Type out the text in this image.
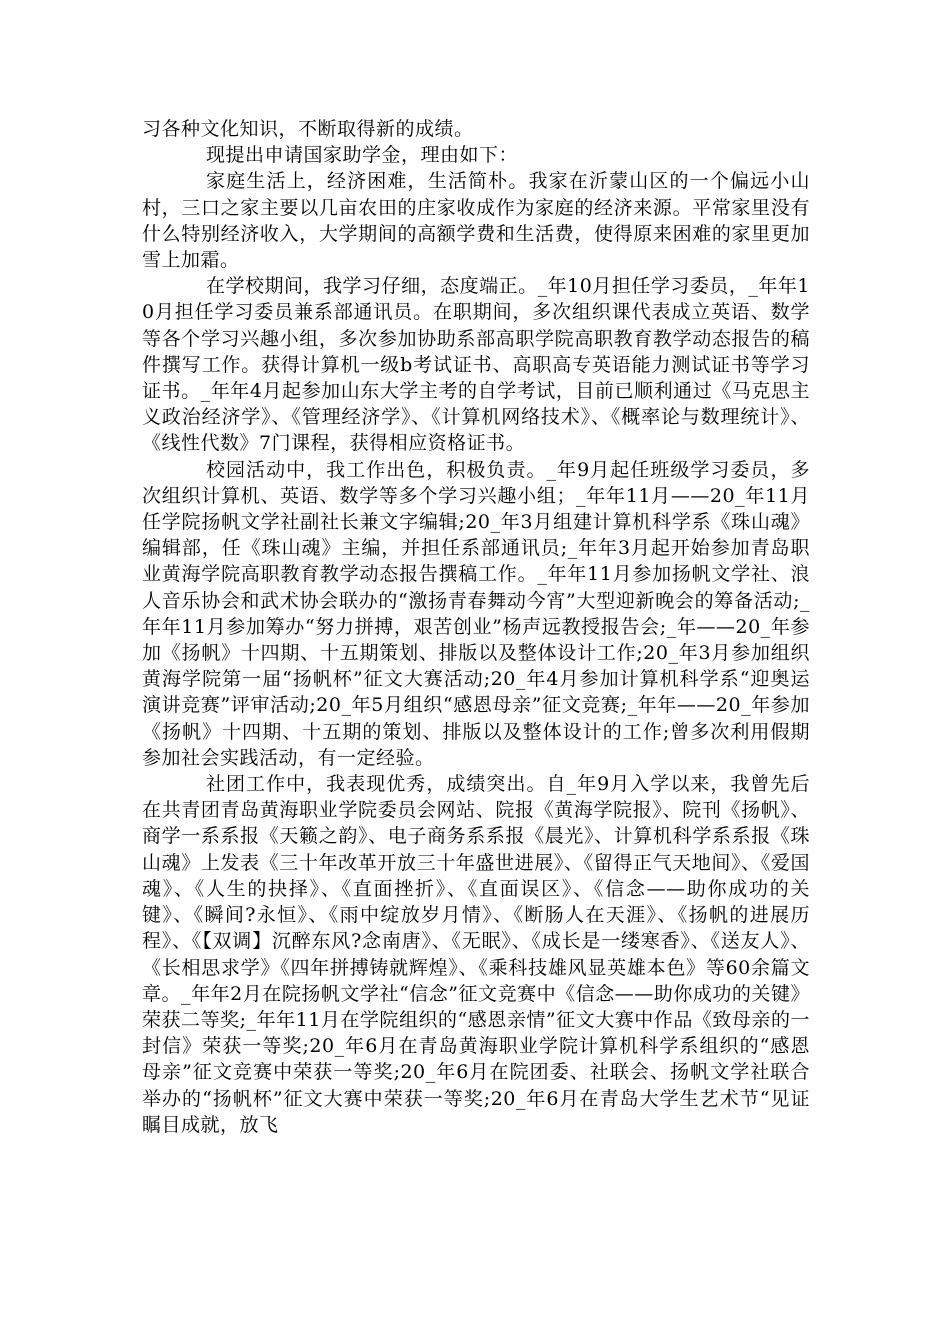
习各种文化知识，不断取得新的成绩。

现提出申请国家助学金，理由如下：

家庭生活上，经济困难，生活简朴。我家在沂蒙山区的一个偏远小山村，三口之家主要以几亩农田的庄家收成作为家庭的经济来源。平常家里没有什么特别经济收入，大学期间的高额学费和生活费，使得原来困难的家里更加雪上加霜。

在学校期间，我学习仔细，态度端正。_年10月担任学习委员，_年年10月担任学习委员兼系部通讯员。在职期间，多次组织课代表成立英语、数学等各个学习兴趣小组，多次参加协助系部高职学院高职教育教学动态报告的稿件撰写工作。获得计算机一级b考试证书、高职高专英语能力测试证书等学习证书。_年年4月起参加山东大学主考的自学考试，目前已顺利通过《马克思主义政治经济学》、《管理经济学》、《计算机网络技术》、《概率论与数理统计》、《线性代数》7门课程，获得相应资格证书。

校园活动中，我工作出色，积极负责。_年9月起任班级学习委员，多次组织计算机、英语、数学等多个学习兴趣小组；_年年11月——20_年11月任学院扬帆文学社副社长兼文字编辑;20_年3月组建计算机科学系《珠山魂》编辑部，任《珠山魂》主编，并担任系部通讯员;_年年3月起开始参加青岛职业黄海学院高职教育教学动态报告撰稿工作。_年年11月参加扬帆文学社、浪人音乐协会和武术协会联办的“激扬青春舞动今宵”大型迎新晚会的筹备活动;_年年11月参加筹办“努力拼搏，艰苦创业”杨声远教授报告会;_年——20_年参加《扬帆》十四期、十五期策划、排版以及整体设计工作;20_年3月参加组织黄海学院第一届“扬帆杯”征文大赛活动;20_年4月参加计算机科学系“迎奥运演讲竞赛”评审活动;20_年5月组织“感恩母亲”征文竞赛;_年年——20_年参加《扬帆》十四期、十五期的策划、排版以及整体设计的工作;曾多次利用假期参加社会实践活动，有一定经验。

社团工作中，我表现优秀，成绩突出。自_年9月入学以来，我曾先后在共青团青岛黄海职业学院委员会网站、院报《黄海学院报》、院刊《扬帆》、商学一系系报《天籁之韵》、电子商务系系报《晨光》、计算机科学系系报《珠山魂》上发表《三十年改革开放三十年盛世进展》、《留得正气天地间》、《爱国魂》、《人生的抉择》、《直面挫折》、《直面误区》、《信念——助你成功的关键》、《瞬间?永恒》、《雨中绽放岁月情》、《断肠人在天涯》、《扬帆的进展历程》、《【双调】沉醉东风?念南唐》、《无眠》、《成长是一缕寒香》、《送友人》、《长相思求学》《四年拼搏铸就辉煌》、《乘科技雄风显英雄本色》等60余篇文章。_年年2月在院扬帆文学社“信念”征文竞赛中《信念——助你成功的关键》荣获二等奖;_年年11月在学院组织的“感恩亲情”征文大赛中作品《致母亲的一封信》荣获一等奖;20_年6月在青岛黄海职业学院计算机科学系组织的“感恩母亲”征文竞赛中荣获一等奖;20_年6月在院团委、社联会、扬帆文学社联合举办的“扬帆杯”征文大赛中荣获一等奖;20_年6月在青岛大学生艺术节“见证瞩目成就，放飞
